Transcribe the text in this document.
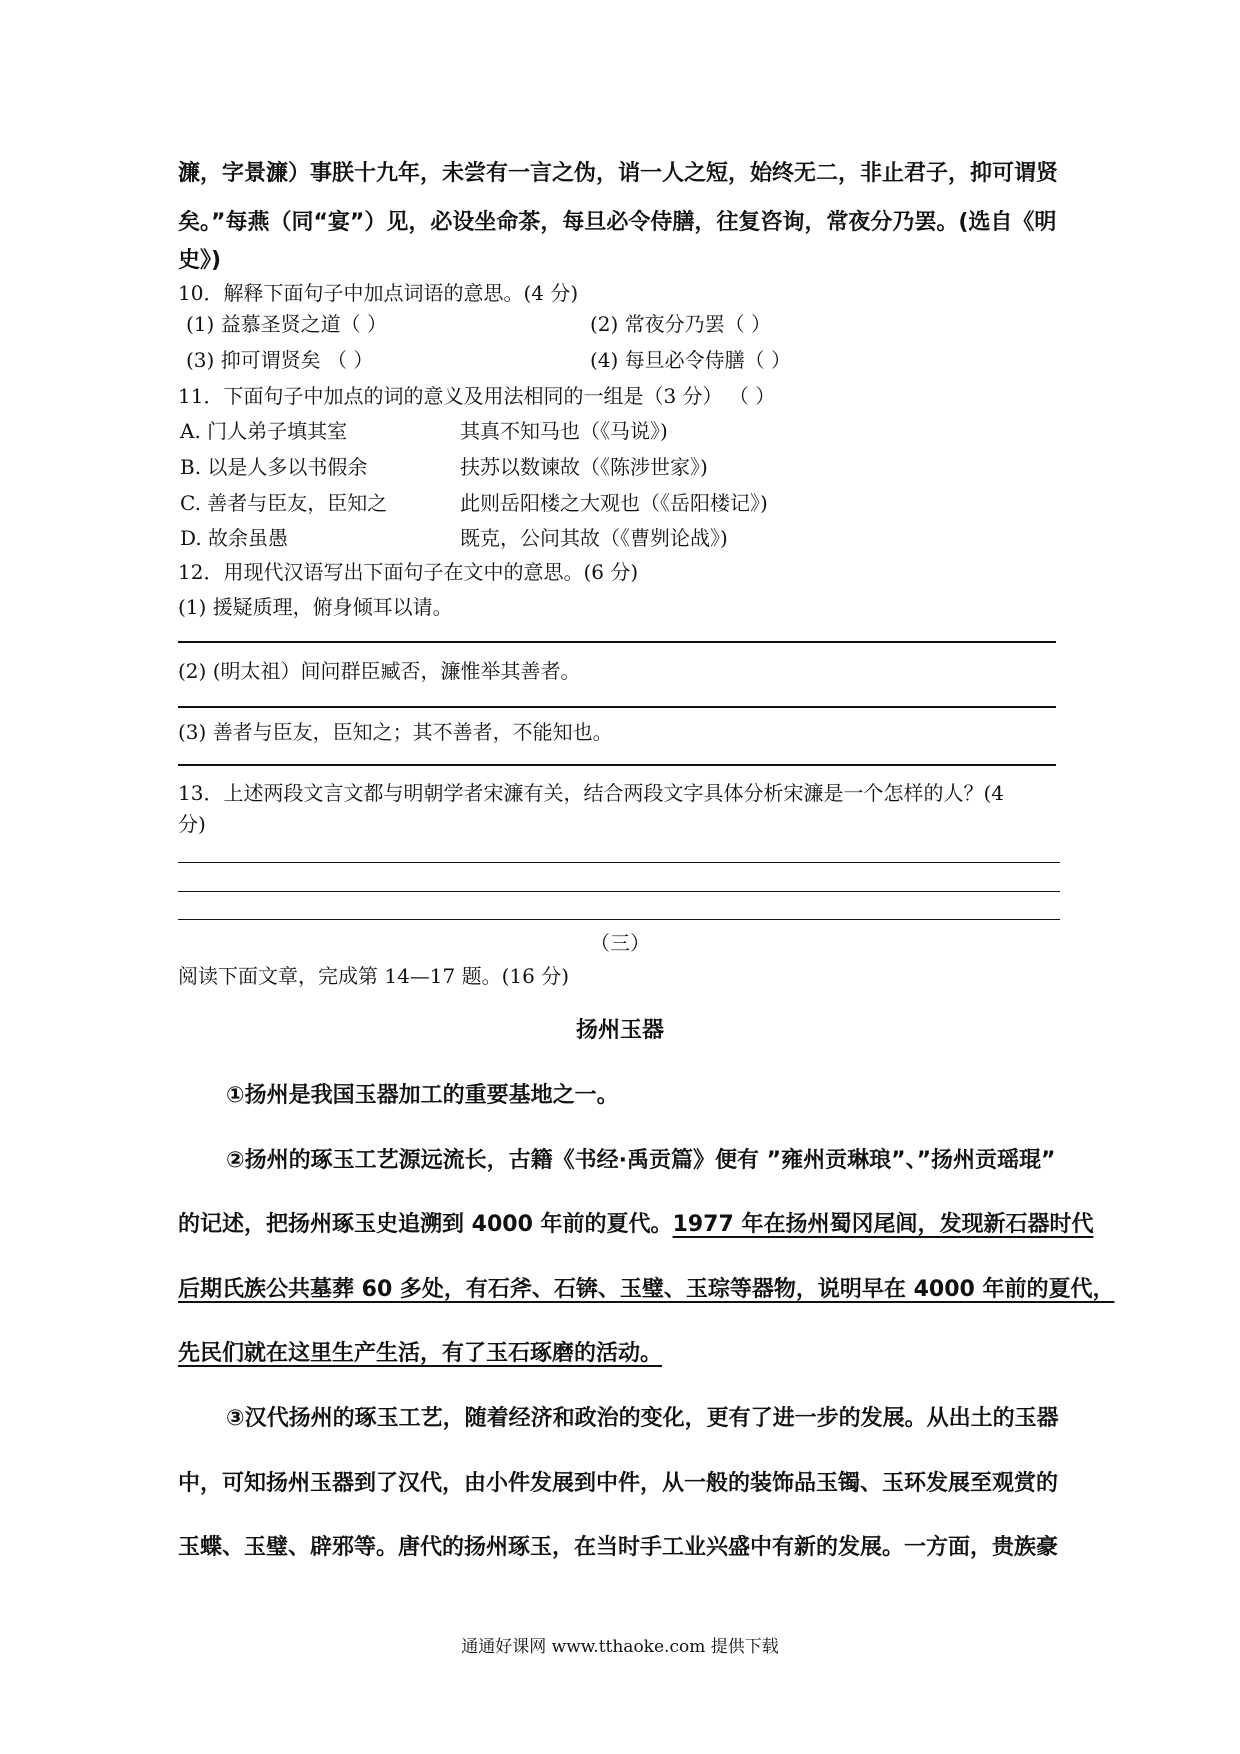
濂，字景濂）事朕十九年，未尝有一言之伪，诮一人之短，始终无二，非止君子，抑可谓贤
矣。”每燕（同“宴”）见，必设坐命茶，每旦必令侍膳，往复咨询，常夜分乃罢。(选自《明
史》)
10．解释下面句子中加点词语的意思。(4 分)
(1) 益慕圣贤之道（ ）	(2) 常夜分乃罢（ ）
(3) 抑可谓贤矣 （ ）	(4) 每旦必令侍膳（ ）
11．下面句子中加点的词的意义及用法相同的一组是（3 分） （ ）
A. 门人弟子填其室	其真不知马也（《马说》)
B. 以是人多以书假余	扶苏以数谏故（《陈涉世家》)
C. 善者与臣友，臣知之	此则岳阳楼之大观也（《岳阳楼记》)
D. 故余虽愚	既克，公问其故（《曹刿论战》)
12．用现代汉语写出下面句子在文中的意思。(6 分)
(1) 援疑质理，俯身倾耳以请。
(2) (明太祖）间问群臣臧否，濂惟举其善者。
(3) 善者与臣友，臣知之；其不善者，不能知也。
13．上述两段文言文都与明朝学者宋濂有关，结合两段文字具体分析宋濂是一个怎样的人？(4
分)
（三）
阅读下面文章，完成第 14—17 题。(16 分)
扬州玉器
①扬州是我国玉器加工的重要基地之一。
②扬州的琢玉工艺源远流长，古籍《书经·禹贡篇》便有 ”雍州贡琳琅”、”扬州贡瑶琨”
的记述，把扬州琢玉史追溯到 4000 年前的夏代。1977 年在扬州蜀冈尾闾，发现新石器时代
后期氏族公共墓葬 60 多处，有石斧、石锛、玉璧、玉琮等器物，说明早在 4000 年前的夏代，
先民们就在这里生产生活，有了玉石琢磨的活动。
③汉代扬州的琢玉工艺，随着经济和政治的变化，更有了进一步的发展。从出土的玉器
中，可知扬州玉器到了汉代，由小件发展到中件，从一般的装饰品玉镯、玉环发展至观赏的
玉蝶、玉璧、辟邪等。唐代的扬州琢玉，在当时手工业兴盛中有新的发展。一方面，贵族豪
通通好课网 www.tthaoke.com 提供下载
